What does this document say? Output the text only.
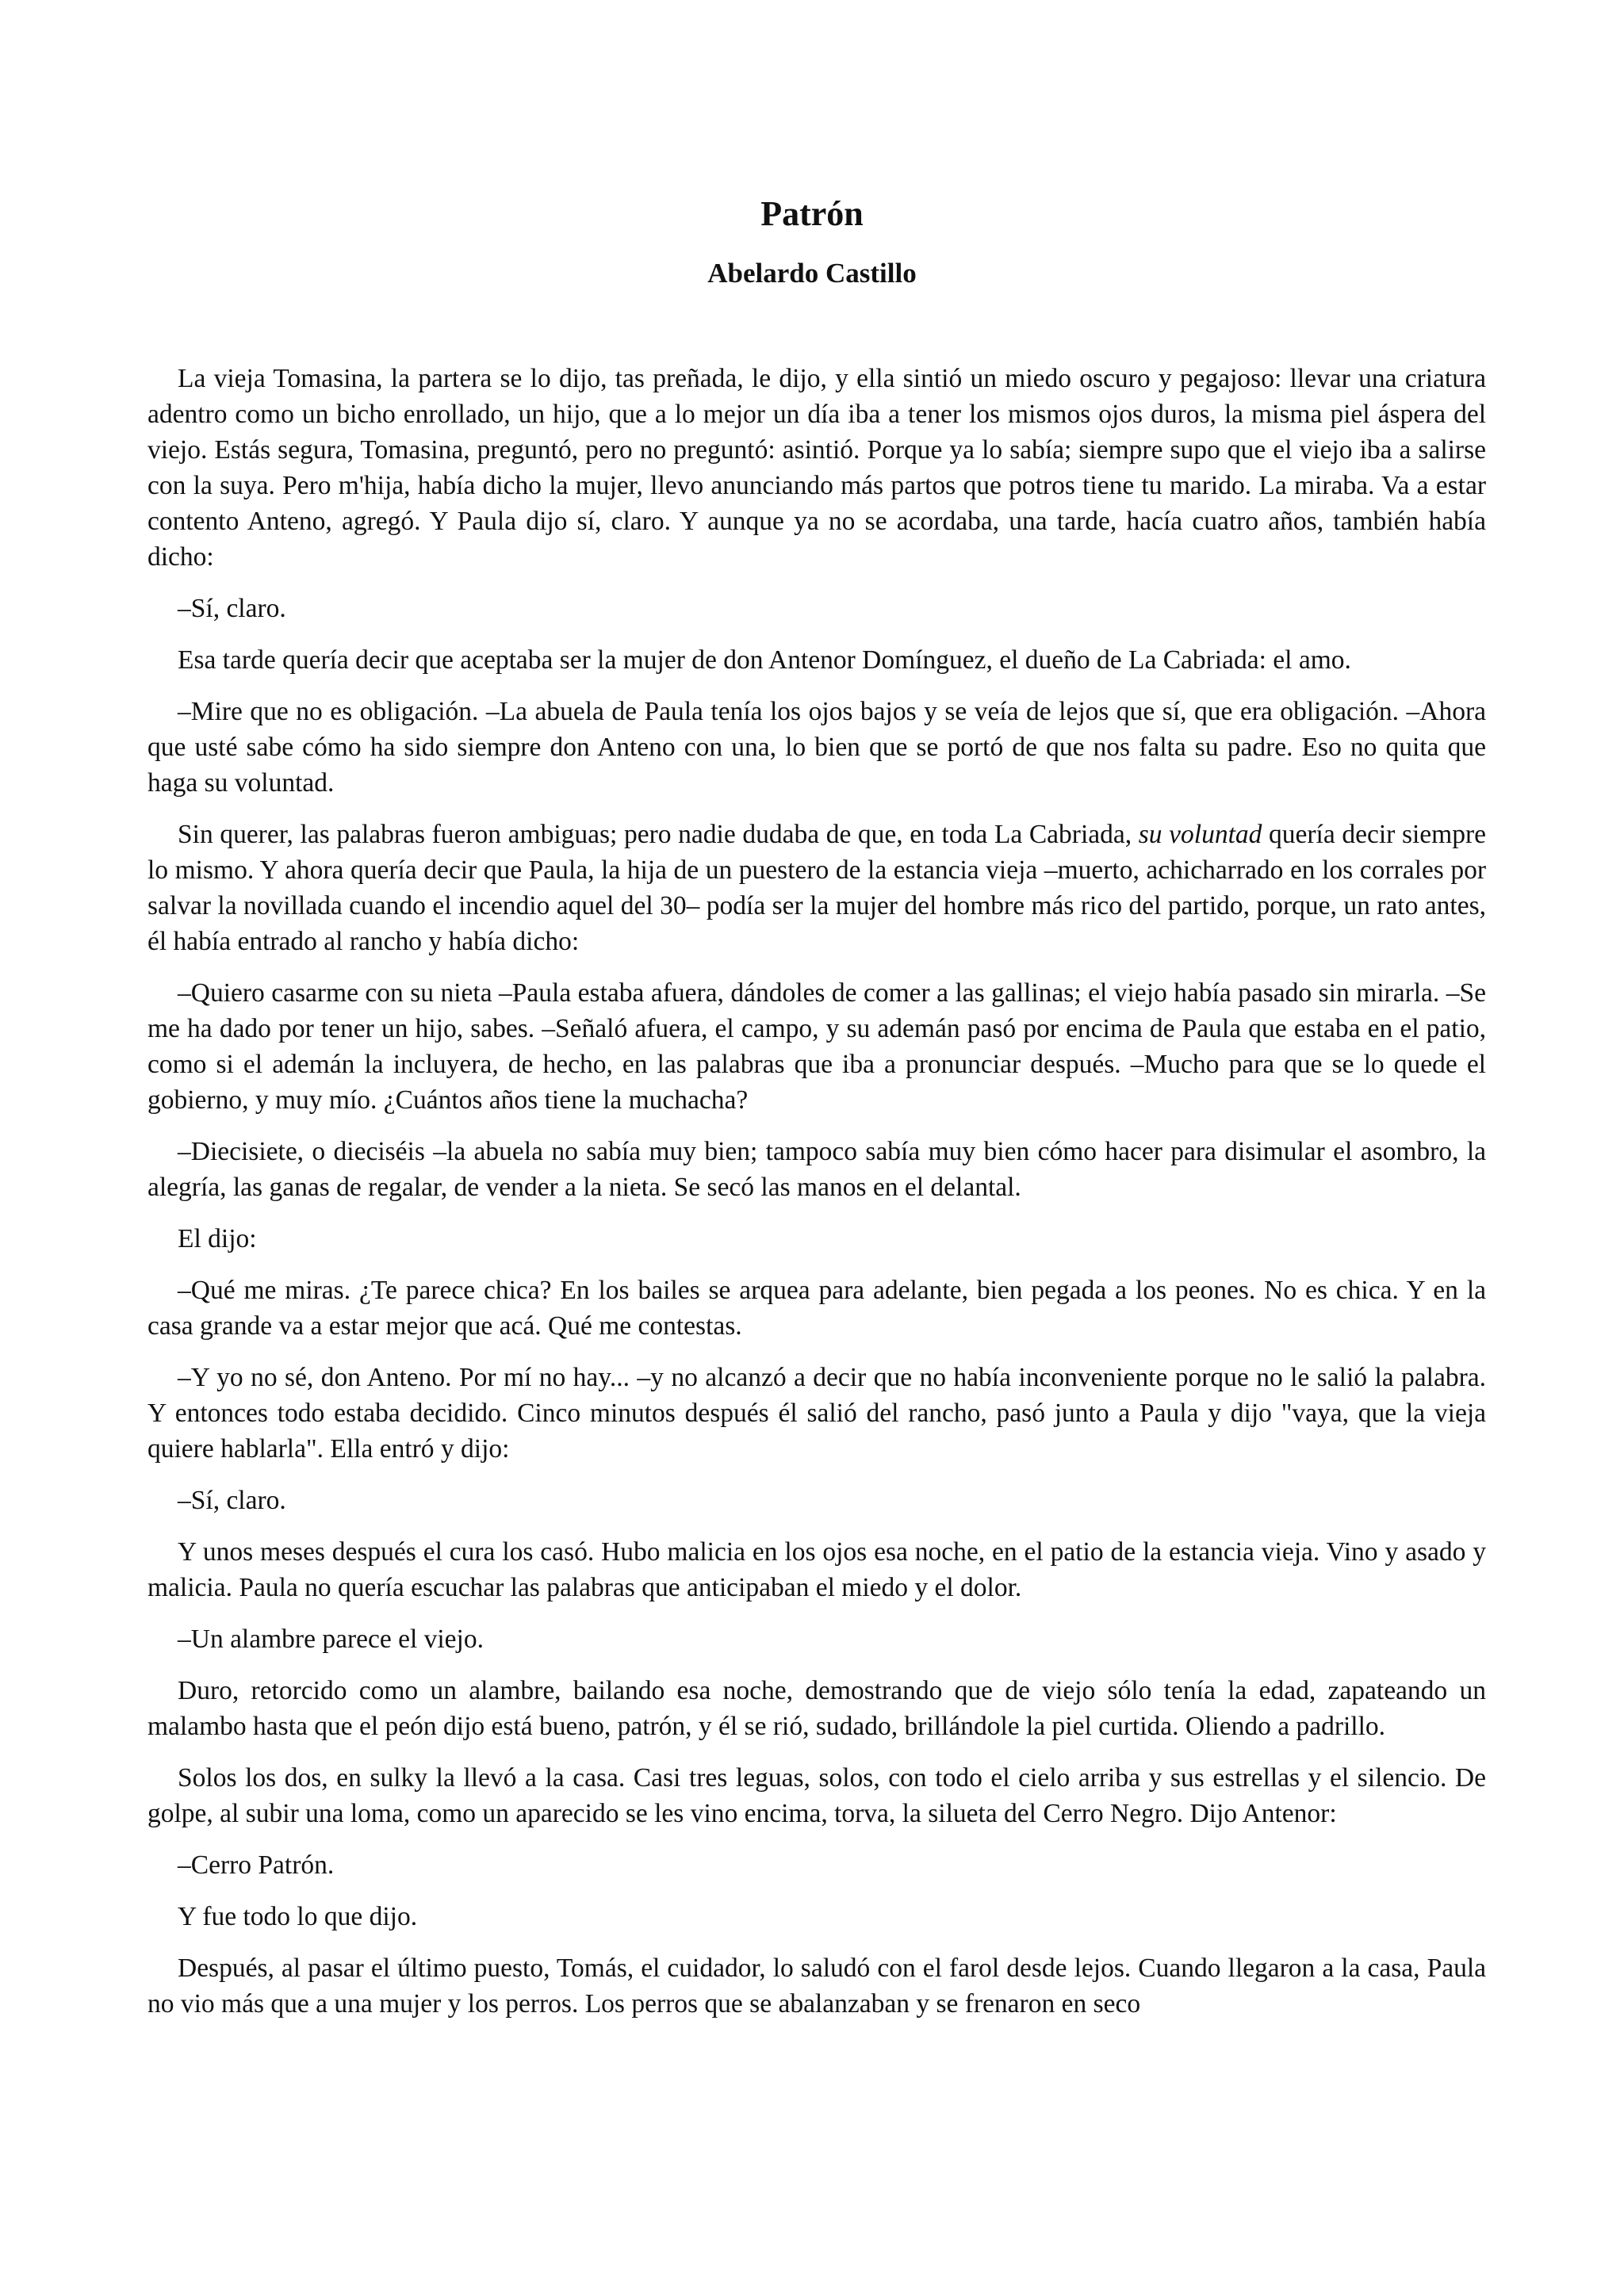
Patrón
Abelardo Castillo

La vieja Tomasina, la partera se lo dijo, tas preñada, le dijo, y ella sintió un miedo oscuro y pegajoso: llevar una criatura adentro como un bicho enrollado, un hijo, que a lo mejor un día iba a tener los mismos ojos duros, la misma piel áspera del viejo. Estás segura, Tomasina, preguntó, pero no preguntó: asintió. Porque ya lo sabía; siempre supo que el viejo iba a salirse con la suya. Pero m'hija, había dicho la mujer, llevo anunciando más partos que potros tiene tu marido. La miraba. Va a estar contento Anteno, agregó. Y Paula dijo sí, claro. Y aunque ya no se acordaba, una tarde, hacía cuatro años, también había dicho:

–Sí, claro.

Esa tarde quería decir que aceptaba ser la mujer de don Antenor Domínguez, el dueño de La Cabriada: el amo.

–Mire que no es obligación. –La abuela de Paula tenía los ojos bajos y se veía de lejos que sí, que era obligación. –Ahora que usté sabe cómo ha sido siempre don Anteno con una, lo bien que se portó de que nos falta su padre. Eso no quita que haga su voluntad.

Sin querer, las palabras fueron ambiguas; pero nadie dudaba de que, en toda La Cabriada, su voluntad quería decir siempre lo mismo. Y ahora quería decir que Paula, la hija de un puestero de la estancia vieja –muerto, achicharrado en los corrales por salvar la novillada cuando el incendio aquel del 30– podía ser la mujer del hombre más rico del partido, porque, un rato antes, él había entrado al rancho y había dicho:

–Quiero casarme con su nieta –Paula estaba afuera, dándoles de comer a las gallinas; el viejo había pasado sin mirarla. –Se me ha dado por tener un hijo, sabes. –Señaló afuera, el campo, y su ademán pasó por encima de Paula que estaba en el patio, como si el ademán la incluyera, de hecho, en las palabras que iba a pronunciar después. –Mucho para que se lo quede el gobierno, y muy mío. ¿Cuántos años tiene la muchacha?

–Diecisiete, o dieciséis –la abuela no sabía muy bien; tampoco sabía muy bien cómo hacer para disimular el asombro, la alegría, las ganas de regalar, de vender a la nieta. Se secó las manos en el delantal.

El dijo:

–Qué me miras. ¿Te parece chica? En los bailes se arquea para adelante, bien pegada a los peones. No es chica. Y en la casa grande va a estar mejor que acá. Qué me contestas.

–Y yo no sé, don Anteno. Por mí no hay... –y no alcanzó a decir que no había inconveniente porque no le salió la palabra. Y entonces todo estaba decidido. Cinco minutos después él salió del rancho, pasó junto a Paula y dijo "vaya, que la vieja quiere hablarla". Ella entró y dijo:

–Sí, claro.

Y unos meses después el cura los casó. Hubo malicia en los ojos esa noche, en el patio de la estancia vieja. Vino y asado y malicia. Paula no quería escuchar las palabras que anticipaban el miedo y el dolor.

–Un alambre parece el viejo.

Duro, retorcido como un alambre, bailando esa noche, demostrando que de viejo sólo tenía la edad, zapateando un malambo hasta que el peón dijo está bueno, patrón, y él se rió, sudado, brillándole la piel curtida. Oliendo a padrillo.

Solos los dos, en sulky la llevó a la casa. Casi tres leguas, solos, con todo el cielo arriba y sus estrellas y el silencio. De golpe, al subir una loma, como un aparecido se les vino encima, torva, la silueta del Cerro Negro. Dijo Antenor:

–Cerro Patrón.

Y fue todo lo que dijo.

Después, al pasar el último puesto, Tomás, el cuidador, lo saludó con el farol desde lejos. Cuando llegaron a la casa, Paula no vio más que a una mujer y los perros. Los perros que se abalanzaban y se frenaron en seco
